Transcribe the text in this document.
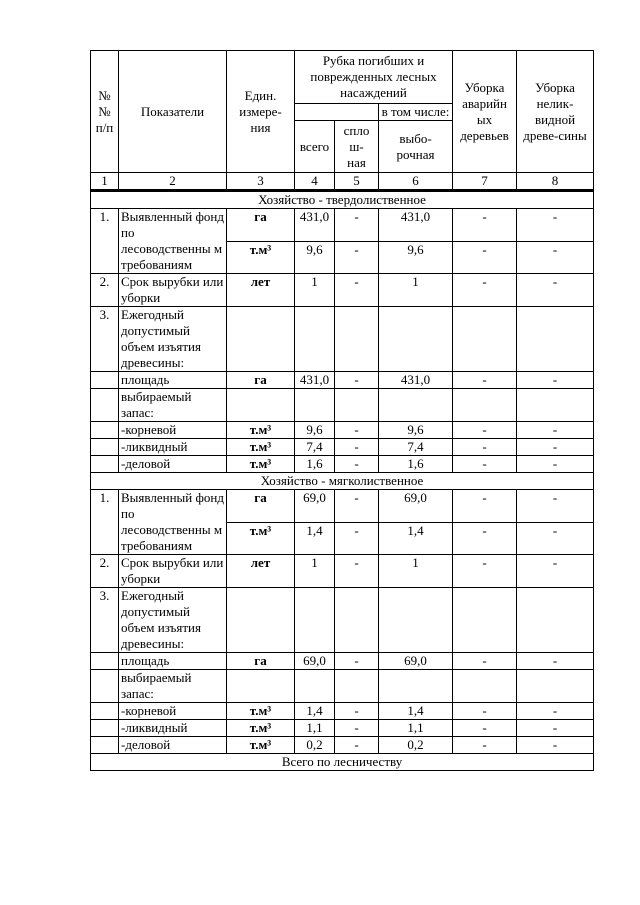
№
№
п/п	Показатели	Един.
измере-
ния	Рубка погибших и поврежденных лесных насаждений			Уборка аварийн ых деревьев	Уборка нелик-видной древе-сины
					в том числе:		
			всего	спло
ш-
ная	выбо-
рочная		
1	2	3	4	5	6	7	8
Хозяйство - твердолиственное							
1.	Выявленный фонд по лесоводственны м требованиям	га	431,0	-	431,0	-	-
		т.м³	9,6	-	9,6	-	-
2.	Срок вырубки или уборки	лет	1	-	1	-	-
3.	Ежегодный допустимый объем изъятия древесины:						
	площадь	га	431,0	-	431,0	-	-
	выбираемый запас:						
	-корневой	т.м³	9,6	-	9,6	-	-
	-ликвидный	т.м³	7,4	-	7,4	-	-
	-деловой	т.м³	1,6	-	1,6	-	-
Хозяйство - мягколиственное							
1.	Выявленный фонд по лесоводственны м требованиям	га	69,0	-	69,0	-	-
		т.м³	1,4	-	1,4	-	-
2.	Срок вырубки или уборки	лет	1	-	1	-	-
3.	Ежегодный допустимый объем изъятия древесины:						
	площадь	га	69,0	-	69,0	-	-
	выбираемый запас:						
	-корневой	т.м³	1,4	-	1,4	-	-
	-ликвидный	т.м³	1,1	-	1,1	-	-
	-деловой	т.м³	0,2	-	0,2	-	-
Всего по лесничеству							
